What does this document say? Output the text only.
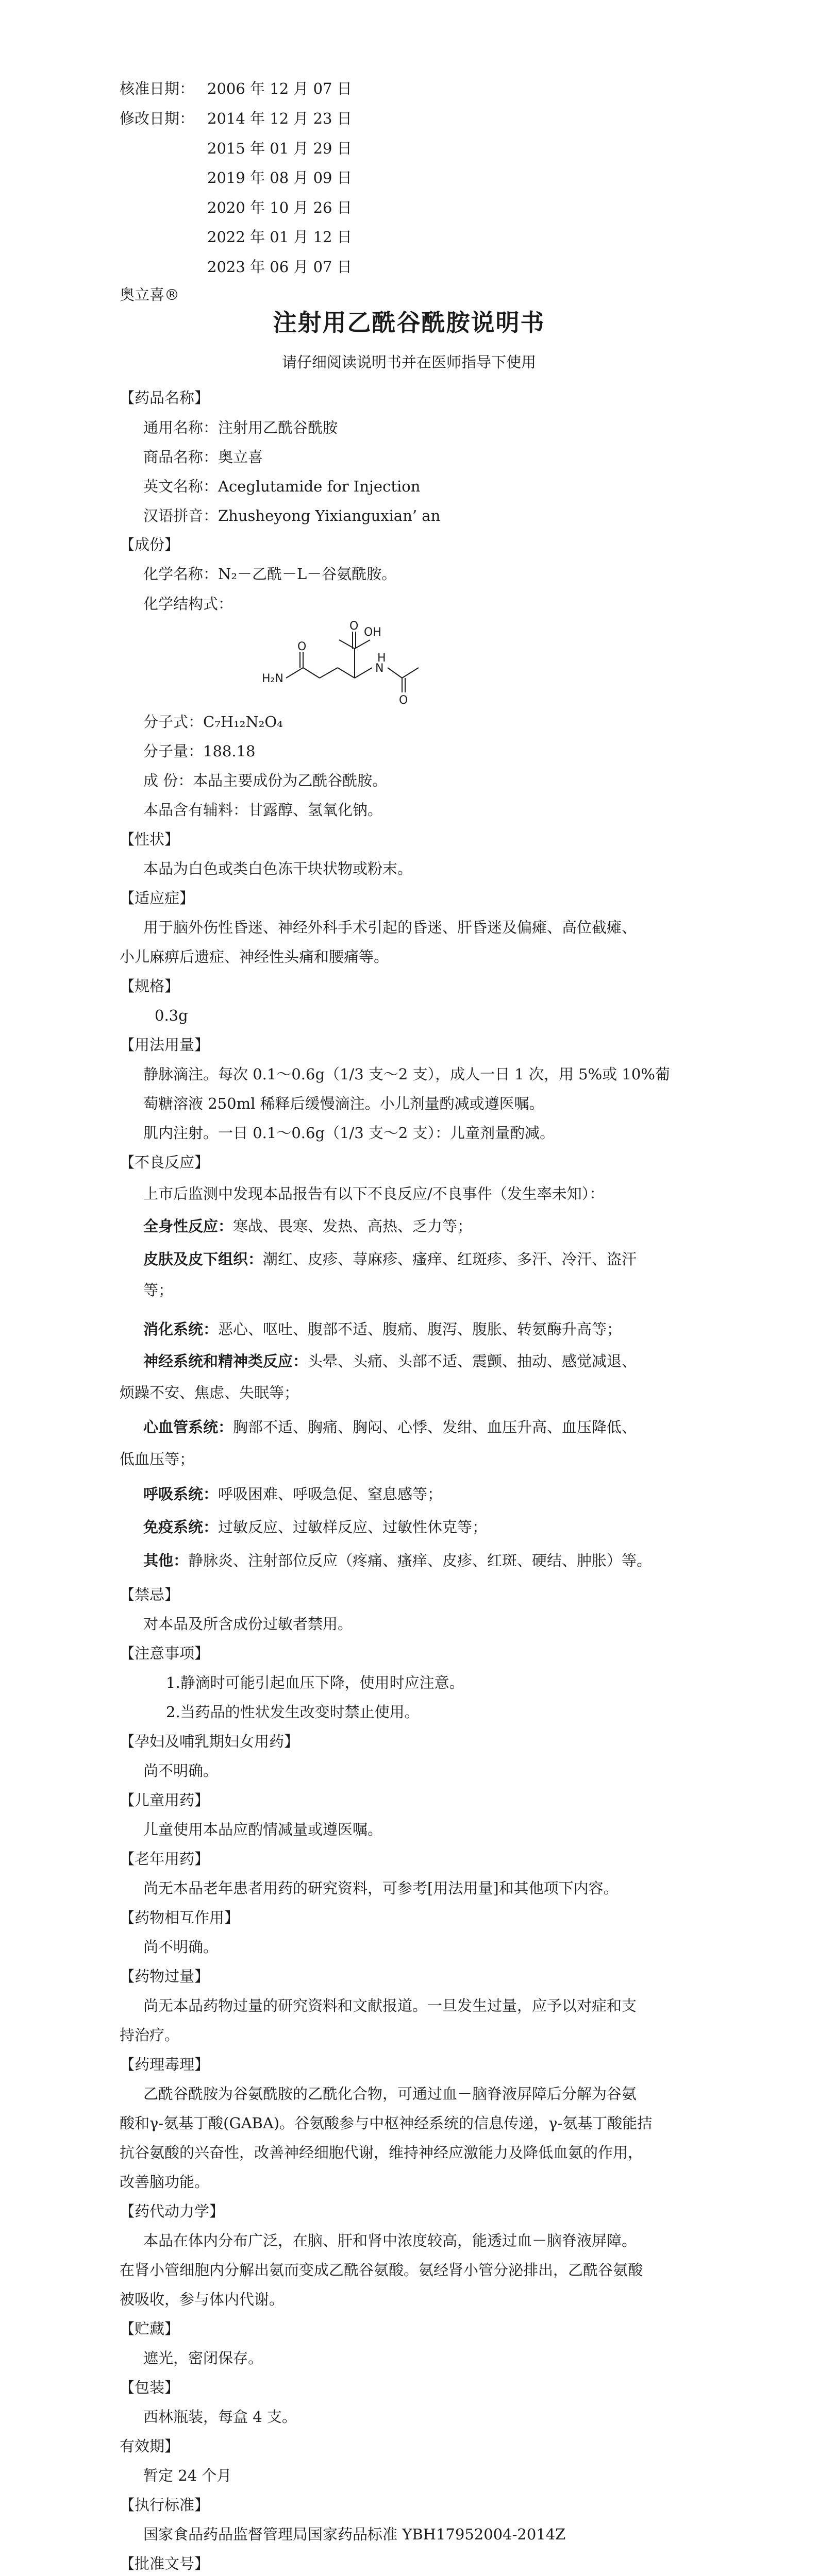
核准日期： 2006 年 12 月 07 日
修改日期： 2014 年 12 月 23 日
2015 年 01 月 29 日
2019 年 08 月 09 日
2020 年 10 月 26 日
2022 年 01 月 12 日
2023 年 06 月 07 日
奥立喜®
注射用乙酰谷酰胺说明书
请仔细阅读说明书并在医师指导下使用
【药品名称】
通用名称：注射用乙酰谷酰胺
商品名称：奥立喜
英文名称：Aceglutamide for Injection
汉语拼音：Zhusheyong Yixianguxian’ an
【成份】
化学名称：N₂－乙酰－L－谷氨酰胺。
化学结构式：
OH
O
H₂N
O
H
N
O
分子式：C₇H₁₂N₂O₄
分子量：188.18
成 份：本品主要成份为乙酰谷酰胺。
本品含有辅料：甘露醇、氢氧化钠。
【性状】
本品为白色或类白色冻干块状物或粉末。
【适应症】
用于脑外伤性昏迷、神经外科手术引起的昏迷、肝昏迷及偏瘫、高位截瘫、
小儿麻痹后遗症、神经性头痛和腰痛等。
【规格】
0.3g
【用法用量】
静脉滴注。每次 0.1～0.6g（1/3 支～2 支），成人一日 1 次，用 5%或 10%葡
萄糖溶液 250ml 稀释后缓慢滴注。小儿剂量酌减或遵医嘱。
肌内注射。一日 0.1～0.6g（1/3 支～2 支）：儿童剂量酌减。
【不良反应】
上市后监测中发现本品报告有以下不良反应/不良事件（发生率未知）：
全身性反应：寒战、畏寒、发热、高热、乏力等；
皮肤及皮下组织：潮红、皮疹、荨麻疹、瘙痒、红斑疹、多汗、冷汗、盗汗
等；
消化系统：恶心、呕吐、腹部不适、腹痛、腹泻、腹胀、转氨酶升高等；
神经系统和精神类反应：头晕、头痛、头部不适、震颤、抽动、感觉减退、
烦躁不安、焦虑、失眠等；
心血管系统：胸部不适、胸痛、胸闷、心悸、发绀、血压升高、血压降低、
低血压等；
呼吸系统：呼吸困难、呼吸急促、窒息感等；
免疫系统：过敏反应、过敏样反应、过敏性休克等；
其他：静脉炎、注射部位反应（疼痛、瘙痒、皮疹、红斑、硬结、肿胀）等。
【禁忌】
对本品及所含成份过敏者禁用。
【注意事项】
1.静滴时可能引起血压下降，使用时应注意。
2.当药品的性状发生改变时禁止使用。
【孕妇及哺乳期妇女用药】
尚不明确。
【儿童用药】
儿童使用本品应酌情减量或遵医嘱。
【老年用药】
尚无本品老年患者用药的研究资料，可参考[用法用量]和其他项下内容。
【药物相互作用】
尚不明确。
【药物过量】
尚无本品药物过量的研究资料和文献报道。一旦发生过量，应予以对症和支
持治疗。
【药理毒理】
乙酰谷酰胺为谷氨酰胺的乙酰化合物，可通过血－脑脊液屏障后分解为谷氨
酸和γ-氨基丁酸(GABA)。谷氨酸参与中枢神经系统的信息传递，γ-氨基丁酸能拮
抗谷氨酸的兴奋性，改善神经细胞代谢，维持神经应激能力及降低血氨的作用，
改善脑功能。
【药代动力学】
本品在体内分布广泛，在脑、肝和肾中浓度较高，能透过血－脑脊液屏障。
在肾小管细胞内分解出氨而变成乙酰谷氨酸。氨经肾小管分泌排出，乙酰谷氨酸
被吸收，参与体内代谢。
【贮藏】
遮光，密闭保存。
【包装】
西林瓶装，每盒 4 支。
有效期】
暂定 24 个月
【执行标准】
国家食品药品监督管理局国家药品标准 YBH17952004-2014Z
【批准文号】
